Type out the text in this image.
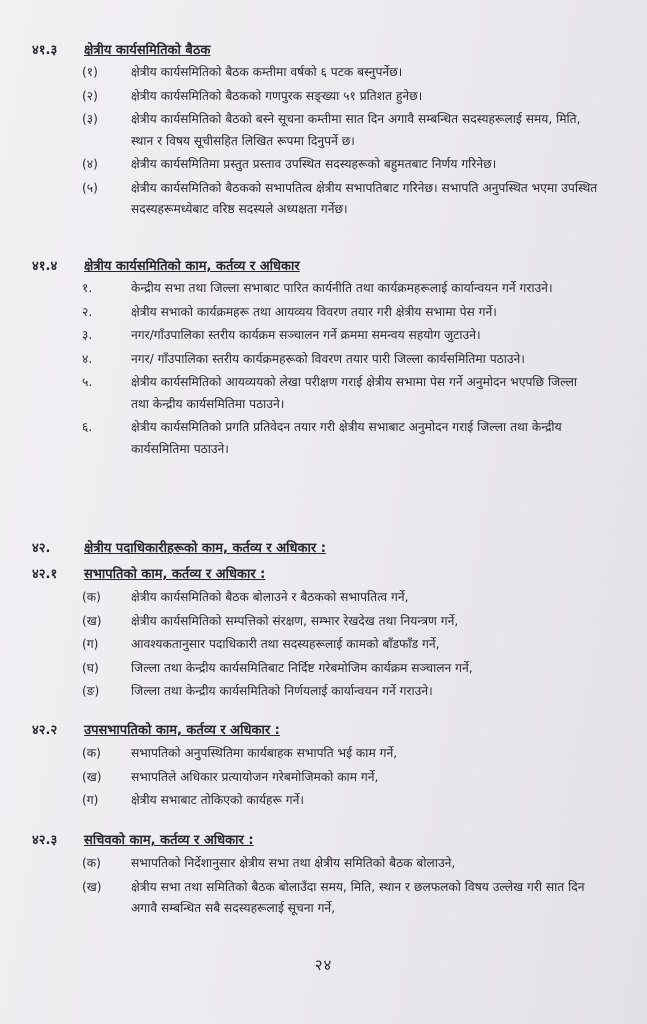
४१.३ क्षेत्रीय कार्यसमितिको बैठक
(१)	क्षेत्रीय कार्यसमितिको बैठक कम्तीमा वर्षको ६ पटक बस्नुपर्नेछ।
(२)	क्षेत्रीय कार्यसमितिको बैठकको गणपुरक सङ्ख्या ५१ प्रतिशत हुनेछ।
(३)	क्षेत्रीय कार्यसमितिको बैठको बस्ने सूचना कम्तीमा सात दिन अगावै सम्बन्धित सदस्यहरूलाई समय, मिति, स्थान र विषय सूचीसहित लिखित रूपमा दिनुपर्ने छ।
(४)	क्षेत्रीय कार्यसमितिमा प्रस्तुत प्रस्ताव उपस्थित सदस्यहरूको बहुमतबाट निर्णय गरिनेछ।
(५)	क्षेत्रीय कार्यसमितिको बैठकको सभापतित्व क्षेत्रीय सभापतिबाट गरिनेछ। सभापति अनुपस्थित भएमा उपस्थित सदस्यहरूमध्येबाट वरिष्ठ सदस्यले अध्यक्षता गर्नेछ।
४१.४ क्षेत्रीय कार्यसमितिको काम, कर्तव्य र अधिकार
१.	केन्द्रीय सभा तथा जिल्ला सभाबाट पारित कार्यनीति तथा कार्यक्रमहरूलाई कार्यान्वयन गर्ने गराउने।
२.	क्षेत्रीय सभाको कार्यक्रमहरू तथा आयव्यय विवरण तयार गरी क्षेत्रीय सभामा पेस गर्ने।
३.	नगर/गाँउपालिका स्तरीय कार्यक्रम सञ्चालन गर्ने क्रममा समन्वय सहयोग जुटाउने।
४.	नगर/ गाँउपालिका स्तरीय कार्यक्रमहरूको विवरण तयार पारी जिल्ला कार्यसमितिमा पठाउने।
५.	क्षेत्रीय कार्यसमितिको आयव्ययको लेखा परीक्षण गराई क्षेत्रीय सभामा पेस गर्ने अनुमोदन भएपछि जिल्ला तथा केन्द्रीय कार्यसमितिमा पठाउने।
६.	क्षेत्रीय कार्यसमितिको प्रगति प्रतिवेदन तयार गरी क्षेत्रीय सभाबाट अनुमोदन गराई जिल्ला तथा केन्द्रीय कार्यसमितिमा पठाउने।
४२.	क्षेत्रीय पदाधिकारीहरूको काम, कर्तव्य र अधिकार :
४२.१ सभापतिको काम, कर्तव्य र अधिकार :
(क) क्षेत्रीय कार्यसमितिको बैठक बोलाउने र बैठकको सभापतित्व गर्ने,
(ख) क्षेत्रीय कार्यसमितिको सम्पत्तिको संरक्षण, सम्भार रेखदेख तथा नियन्त्रण गर्ने,
(ग)	आवश्यकतानुसार पदाधिकारी तथा सदस्यहरूलाई कामको बाँडफाँड गर्ने,
(घ)	जिल्ला तथा केन्द्रीय कार्यसमितिबाट निर्दिष्ट गरेबमोजिम कार्यक्रम सञ्चालन गर्ने,
(ङ)	जिल्ला तथा केन्द्रीय कार्यसमितिको निर्णयलाई कार्यान्वयन गर्ने गराउने।
४२.२ उपसभापतिको काम, कर्तव्य र अधिकार :
(क) सभापतिको अनुपस्थितिमा कार्यबाहक सभापति भई काम गर्ने,
(ख) सभापतिले अधिकार प्रत्यायोजन गरेबमोजिमको काम गर्ने,
(ग)	क्षेत्रीय सभाबाट तोकिएको कार्यहरू गर्ने।
४२.३ सचिवको काम, कर्तव्य र अधिकार :
(क) सभापतिको निर्देशानुसार क्षेत्रीय सभा तथा क्षेत्रीय समितिको बैठक बोलाउने,
(ख) क्षेत्रीय सभा तथा समितिको बैठक बोलाउँदा समय, मिति, स्थान र छलफलको विषय उल्लेख गरी सात दिन अगावै सम्बन्धित सबै सदस्यहरूलाई सूचना गर्ने,
२४
